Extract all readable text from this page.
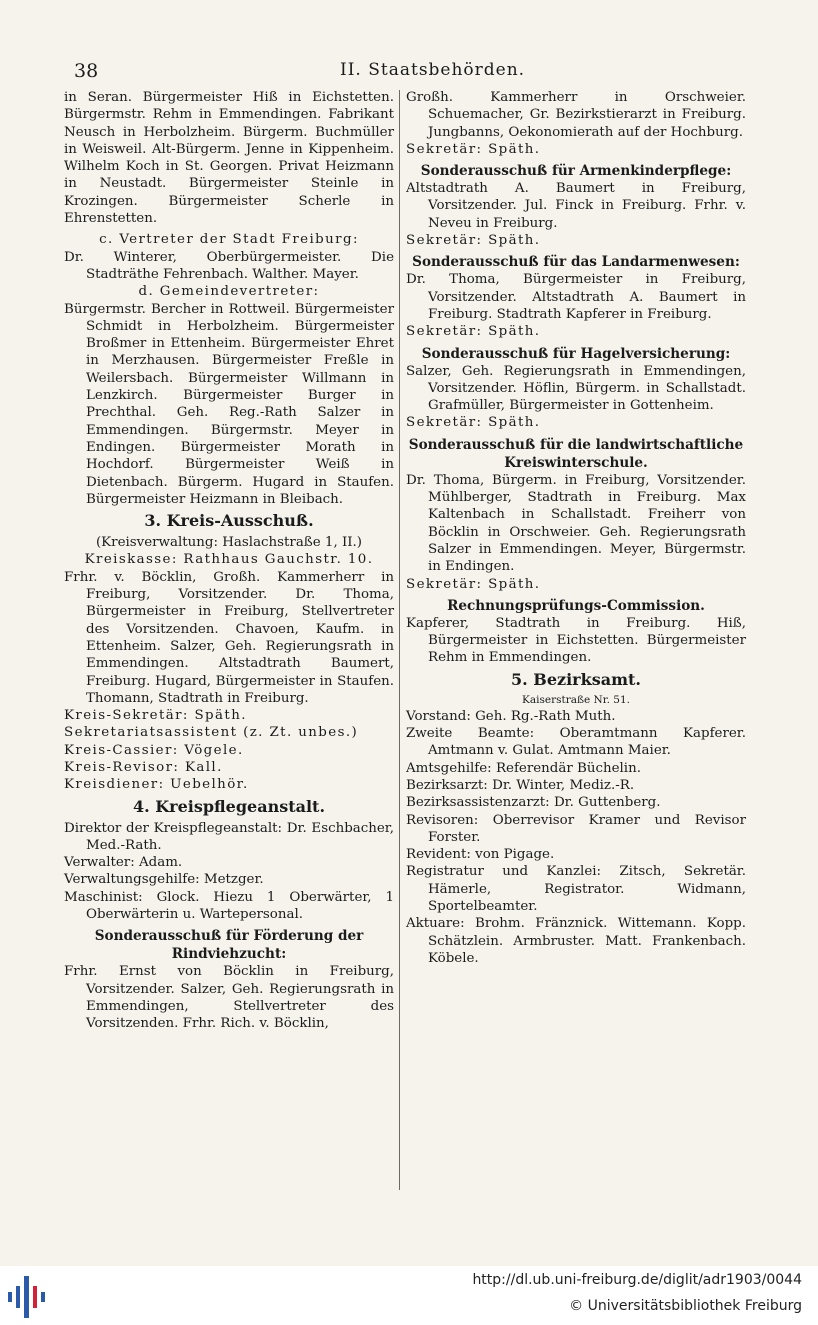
38	II. Staatsbehörden.

in Seran. Bürgermeister Hiß in Eichstetten. Bürgermstr. Rehm in Emmendingen. Fabrikant Neusch in Herbolzheim. Bürgerm. Buchmüller in Weisweil. Alt-Bürgerm. Jenne in Kippenheim. Wilhelm Koch in St. Georgen. Privat Heizmann in Neustadt. Bürgermeister Steinle in Krozingen. Bürgermeister Scherle in Ehrenstetten.

c. Vertreter der Stadt Freiburg:

Dr. Winterer, Oberbürgermeister. Die Stadträthe Fehrenbach. Walther. Mayer.

d. Gemeindevertreter:

Bürgermstr. Bercher in Rottweil. Bürgermeister Schmidt in Herbolzheim. Bürgermeister Broßmer in Ettenheim. Bürgermeister Ehret in Merzhausen. Bürgermeister Freßle in Weilersbach. Bürgermeister Willmann in Lenzkirch. Bürgermeister Burger in Prechthal. Geh. Reg.-Rath Salzer in Emmendingen. Bürgermstr. Meyer in Endingen. Bürgermeister Morath in Hochdorf. Bürgermeister Weiß in Dietenbach. Bürgerm. Hugard in Staufen. Bürgermeister Heizmann in Bleibach.

3. Kreis-Ausschuß.

(Kreisverwaltung: Haslachstraße 1, II.)

Kreiskasse: Rathhaus Gauchstr. 10.

Frhr. v. Böcklin, Großh. Kammerherr in Freiburg, Vorsitzender. Dr. Thoma, Bürgermeister in Freiburg, Stellvertreter des Vorsitzenden. Chavoen, Kaufm. in Ettenheim. Salzer, Geh. Regierungsrath in Emmendingen. Altstadtrath Baumert, Freiburg. Hugard, Bürgermeister in Staufen. Thomann, Stadtrath in Freiburg.

Kreis-Sekretär: Späth.

Sekretariatsassistent (z. Zt. unbes.)

Kreis-Cassier: Vögele.

Kreis-Revisor: Kall.

Kreisdiener: Uebelhör.

4. Kreispflegeanstalt.

Direktor der Kreispflegeanstalt: Dr. Eschbacher, Med.-Rath.

Verwalter: Adam.

Verwaltungsgehilfe: Metzger.

Maschinist: Glock. Hiezu 1 Oberwärter, 1 Oberwärterin u. Wartepersonal.

Sonderausschuß für Förderung der Rindviehzucht:

Frhr. Ernst von Böcklin in Freiburg, Vorsitzender. Salzer, Geh. Regierungsrath in Emmendingen, Stellvertreter des Vorsitzenden. Frhr. Rich. v. Böcklin,

Großh. Kammerherr in Orschweier. Schuemacher, Gr. Bezirkstierarzt in Freiburg. Jungbanns, Oekonomierath auf der Hochburg.

Sekretär: Späth.

Sonderausschuß für Armenkinderpflege:

Altstadtrath A. Baumert in Freiburg, Vorsitzender. Jul. Finck in Freiburg. Frhr. v. Neveu in Freiburg.

Sekretär: Späth.

Sonderausschuß für das Landarmenwesen:

Dr. Thoma, Bürgermeister in Freiburg, Vorsitzender. Altstadtrath A. Baumert in Freiburg. Stadtrath Kapferer in Freiburg.

Sekretär: Späth.

Sonderausschuß für Hagelversicherung:

Salzer, Geh. Regierungsrath in Emmendingen, Vorsitzender. Höflin, Bürgerm. in Schallstadt. Grafmüller, Bürgermeister in Gottenheim.

Sekretär: Späth.

Sonderausschuß für die landwirtschaftliche Kreiswinterschule.

Dr. Thoma, Bürgerm. in Freiburg, Vorsitzender. Mühlberger, Stadtrath in Freiburg. Max Kaltenbach in Schallstadt. Freiherr von Böcklin in Orschweier. Geh. Regierungsrath Salzer in Emmendingen. Meyer, Bürgermstr. in Endingen.

Sekretär: Späth.

Rechnungsprüfungs-Commission.

Kapferer, Stadtrath in Freiburg. Hiß, Bürgermeister in Eichstetten. Bürgermeister Rehm in Emmendingen.

5. Bezirksamt.
Kaiserstraße Nr. 51.

Vorstand: Geh. Rg.-Rath Muth.

Zweite Beamte: Oberamtmann Kapferer. Amtmann v. Gulat. Amtmann Maier.

Amtsgehilfe: Referendär Büchelin.

Bezirksarzt: Dr. Winter, Mediz.-R.

Bezirksassistenzarzt: Dr. Guttenberg.

Revisoren: Oberrevisor Kramer und Revisor Forster.

Revident: von Pigage.

Registratur und Kanzlei: Zitsch, Sekretär. Hämerle, Registrator. Widmann, Sportelbeamter.

Aktuare: Brohm. Fränznick. Wittemann. Kopp. Schätzlein. Armbruster. Matt. Frankenbach. Köbele.

http://dl.ub.uni-freiburg.de/diglit/adr1903/0044
© Universitätsbibliothek Freiburg
